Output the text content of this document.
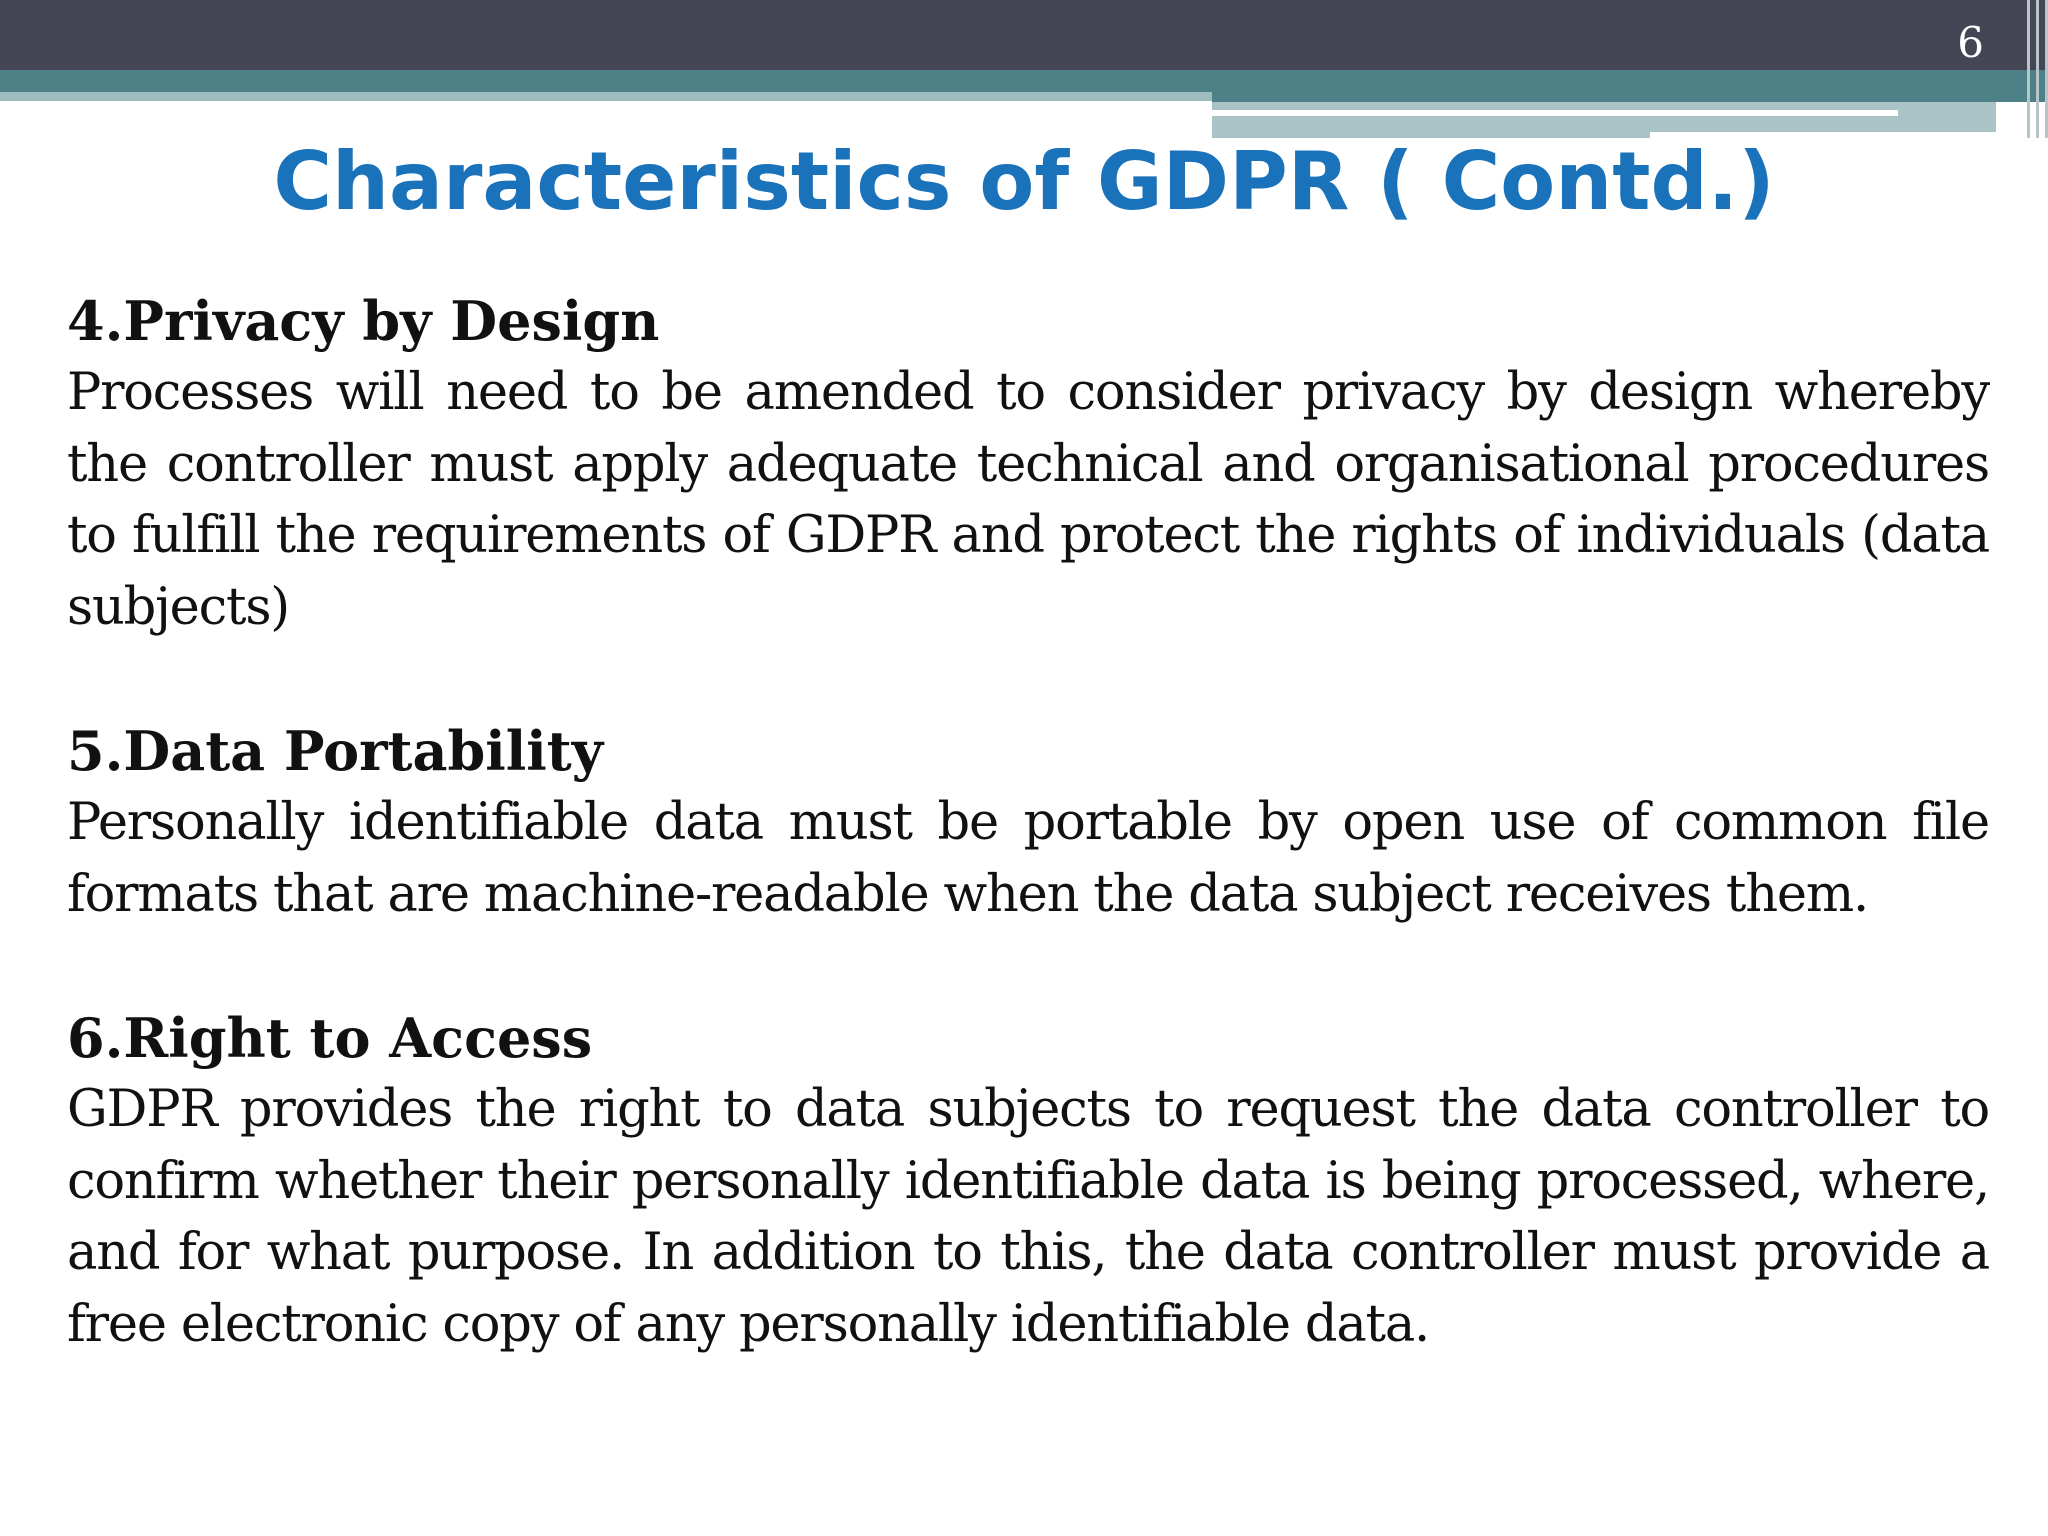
6
Characteristics of GDPR ( Contd.)

4.Privacy by Design

Processes will need to be amended to consider privacy by design whereby the controller must apply adequate technical and organisational procedures to fulfill the requirements of GDPR and protect the rights of individuals (data subjects)

5.Data Portability

Personally identifiable data must be portable by open use of common file formats that are machine-readable when the data subject receives them.

6.Right to Access

GDPR provides the right to data subjects to request the data controller to confirm whether their personally identifiable data is being processed, where, and for what purpose. In addition to this, the data controller must provide a free electronic copy of any personally identifiable data.
